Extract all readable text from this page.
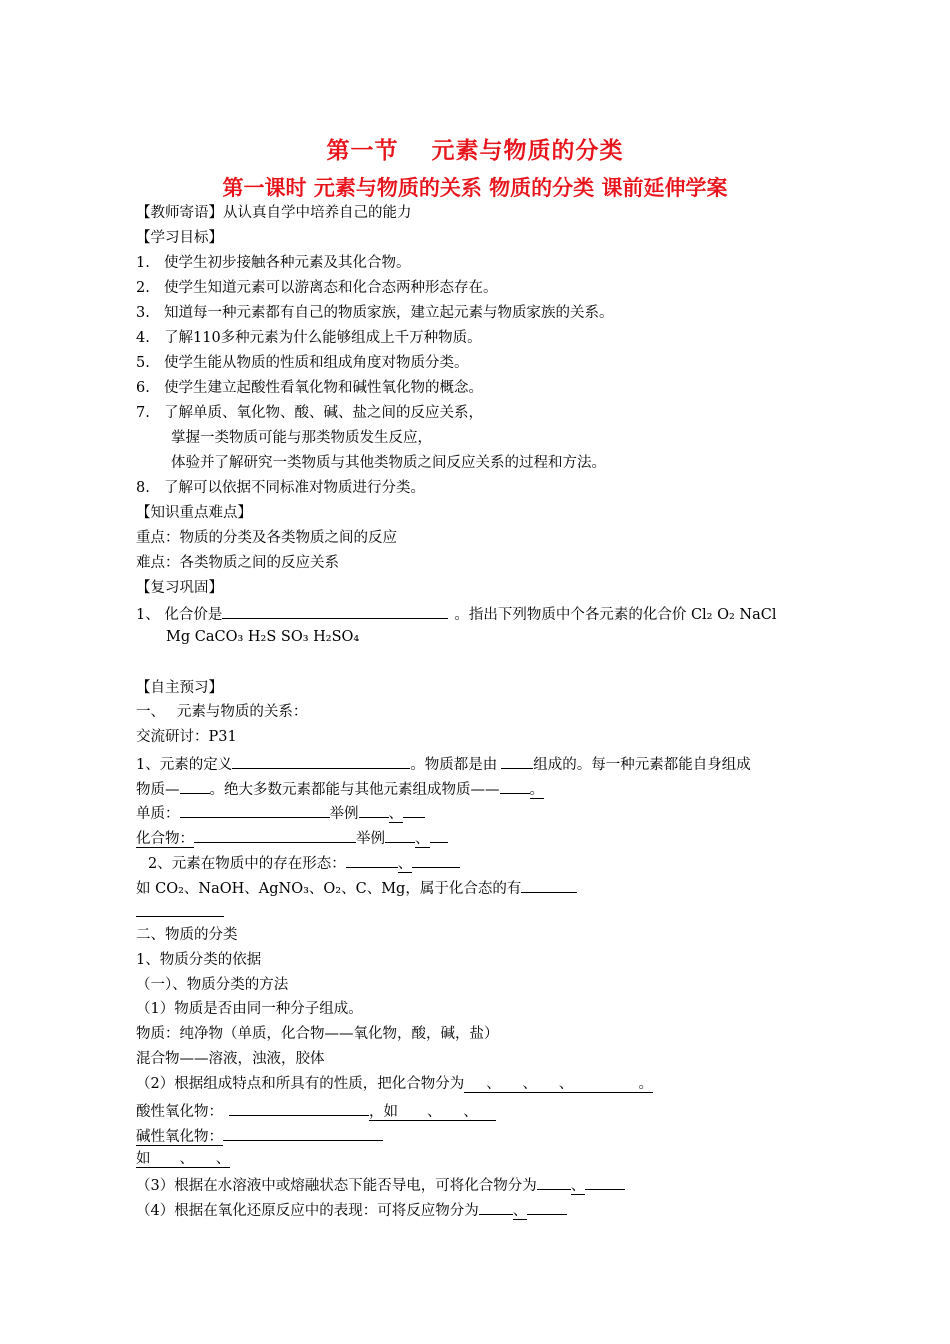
第一节　 元素与物质的分类
第一课时 元素与物质的关系 物质的分类 课前延伸学案
【教师寄语】从认真自学中培养自己的能力
【学习目标】
1. 使学生初步接触各种元素及其化合物。
2. 使学生知道元素可以游离态和化合态两种形态存在。
3. 知道每一种元素都有自己的物质家族，建立起元素与物质家族的关系。
4. 了解110多种元素为什么能够组成上千万种物质。
5. 使学生能从物质的性质和组成角度对物质分类。
6. 使学生建立起酸性看氧化物和碱性氧化物的概念。
7. 了解单质、氧化物、酸、碱、盐之间的反应关系，
掌握一类物质可能与那类物质发生反应，
体验并了解研究一类物质与其他类物质之间反应关系的过程和方法。
8. 了解可以依据不同标准对物质进行分类。
【知识重点难点】
重点：物质的分类及各类物质之间的反应
难点：各类物质之间的反应关系
【复习巩固】
1、 化合价是	。指出下列物质中个各元素的化合价 Cl₂ O₂ NaCl
Mg CaCO₃ H₂S SO₃ H₂SO₄
【自主预习】
一、　 元素与物质的关系：
交流研讨：P31
1、元素的定义	。物质都是由 组成的。每一种元素都能自身组成
物质— 。绝大多数元素都能与其他元素组成物质—— 。
单质：	举例 、
化合物：	举例 、
2、元素在物质中的存在形态：	、
如 CO₂、NaOH、AgNO₃、O₂、C、Mg，属于化合态的有
二、物质的分类
1、物质分类的依据
（一）、物质分类的方法
（1）物质是否由同一种分子组成。
物质：纯净物（单质，化合物——氧化物，酸，碱，盐）
混合物——溶液，浊液，胶体
（2）根据组成特点和所具有的性质，把化合物分为 、　　、　　、　　　　　。
酸性氧化物：	，如　　、　　、
碱性氧化物：
如　　、　　、
（3）根据在水溶液中或熔融状态下能否导电，可将化合物分为 、
（4）根据在氧化还原反应中的表现：可将反应物分为 、
